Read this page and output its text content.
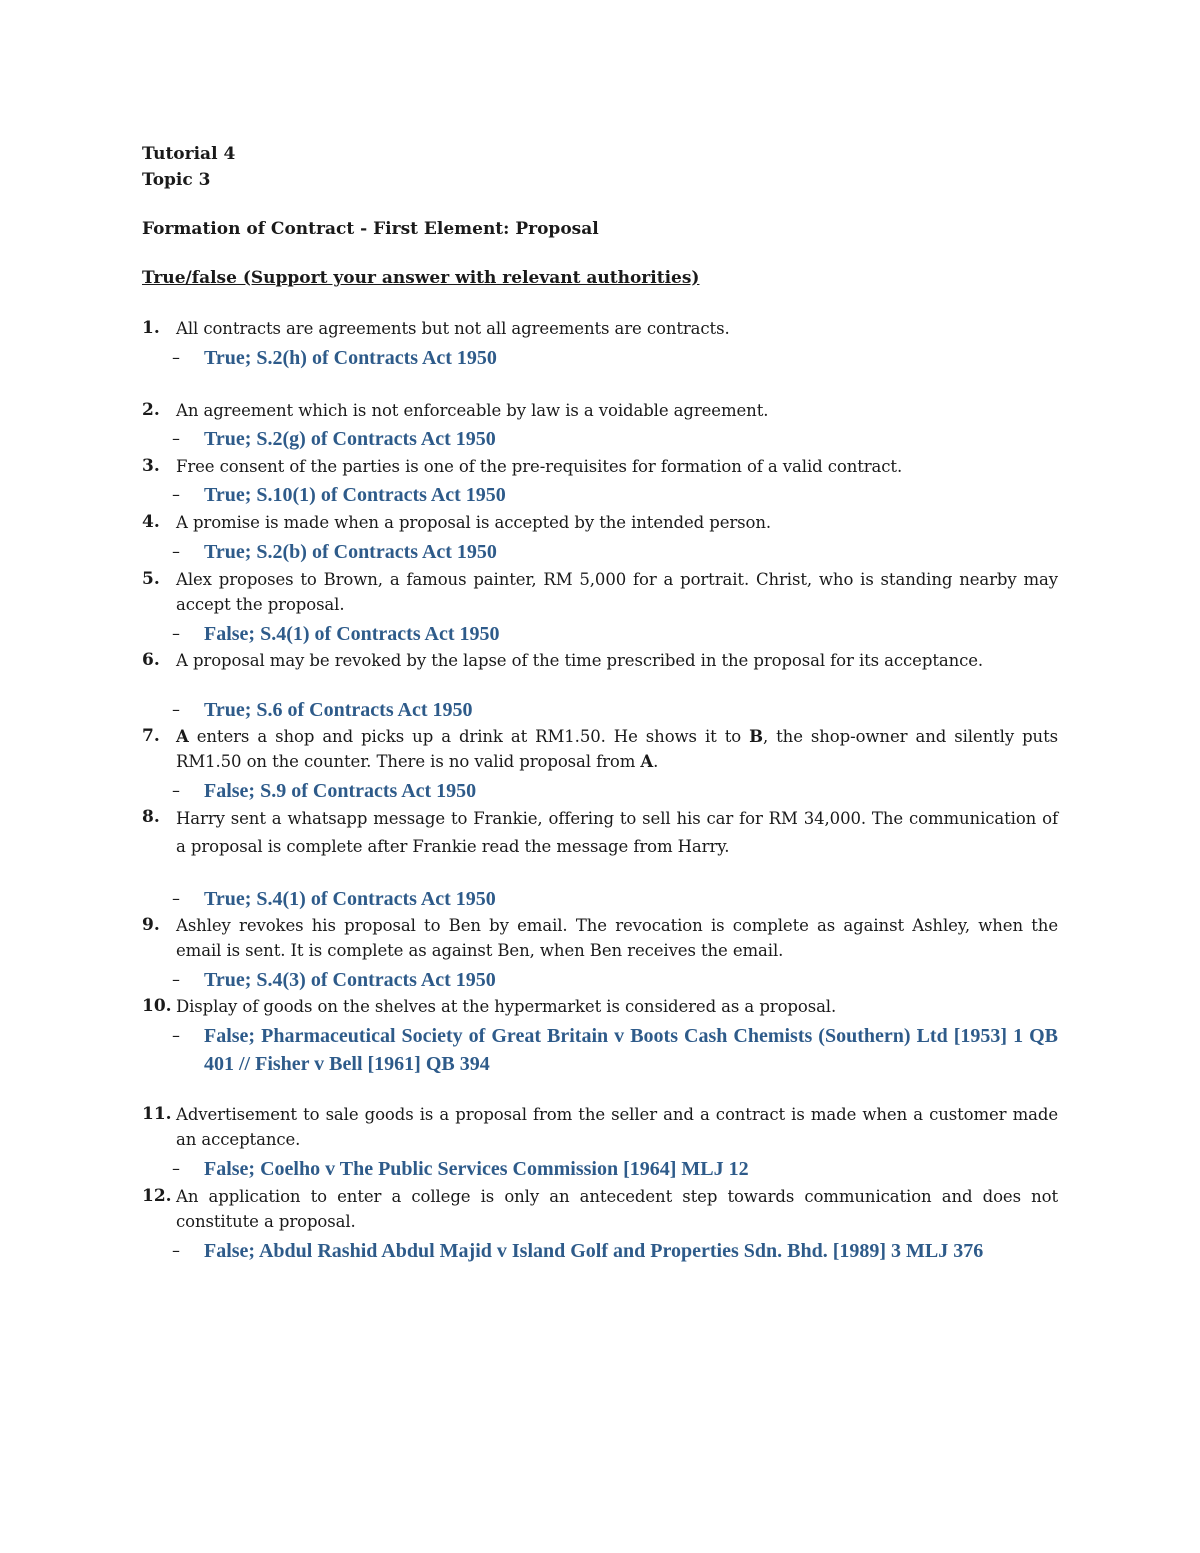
Tutorial 4
Topic 3
Formation of Contract - First Element: Proposal
True/false (Support your answer with relevant authorities)
1. All contracts are agreements but not all agreements are contracts.
– True; S.2(h) of Contracts Act 1950
2. An agreement which is not enforceable by law is a voidable agreement.
– True; S.2(g) of Contracts Act 1950
3. Free consent of the parties is one of the pre-requisites for formation of a valid contract.
– True; S.10(1) of Contracts Act 1950
4. A promise is made when a proposal is accepted by the intended person.
– True; S.2(b) of Contracts Act 1950
5. Alex proposes to Brown, a famous painter, RM 5,000 for a portrait. Christ, who is standing nearby may accept the proposal.
– False; S.4(1) of Contracts Act 1950
6. A proposal may be revoked by the lapse of the time prescribed in the proposal for its acceptance.
– True; S.6 of Contracts Act 1950
7. A enters a shop and picks up a drink at RM1.50. He shows it to B, the shop-owner and silently puts RM1.50 on the counter. There is no valid proposal from A.
– False; S.9 of Contracts Act 1950
8. Harry sent a whatsapp message to Frankie, offering to sell his car for RM 34,000. The communication of a proposal is complete after Frankie read the message from Harry.
– True; S.4(1) of Contracts Act 1950
9. Ashley revokes his proposal to Ben by email. The revocation is complete as against Ashley, when the email is sent. It is complete as against Ben, when Ben receives the email.
– True; S.4(3) of Contracts Act 1950
10. Display of goods on the shelves at the hypermarket is considered as a proposal.
– False; Pharmaceutical Society of Great Britain v Boots Cash Chemists (Southern) Ltd [1953] 1 QB 401 // Fisher v Bell [1961] QB 394
11. Advertisement to sale goods is a proposal from the seller and a contract is made when a customer made an acceptance.
– False; Coelho v The Public Services Commission [1964] MLJ 12
12. An application to enter a college is only an antecedent step towards communication and does not constitute a proposal.
– False; Abdul Rashid Abdul Majid v Island Golf and Properties Sdn. Bhd. [1989] 3 MLJ 376
